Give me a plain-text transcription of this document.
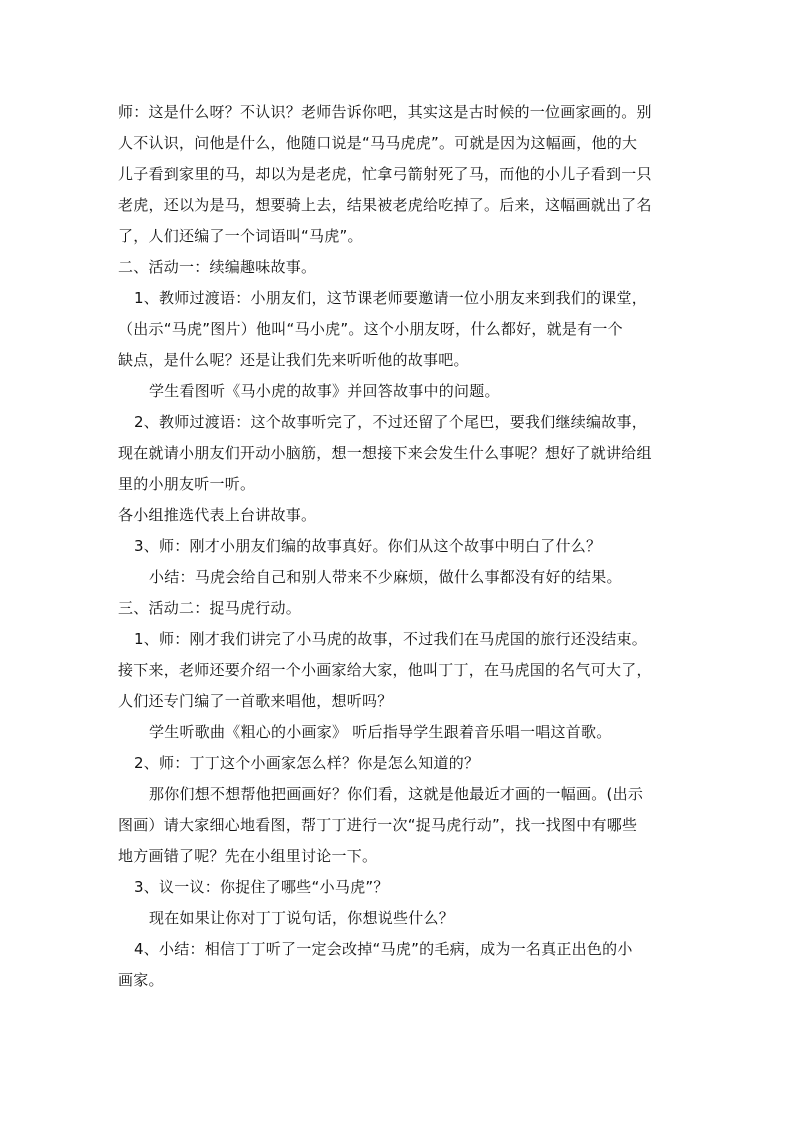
师：这是什么呀？不认识？老师告诉你吧，其实这是古时候的一位画家画的。别
人不认识，问他是什么，他随口说是“马马虎虎”。可就是因为这幅画，他的大
儿子看到家里的马，却以为是老虎，忙拿弓箭射死了马，而他的小儿子看到一只
老虎，还以为是马，想要骑上去，结果被老虎给吃掉了。后来，这幅画就出了名
了，人们还编了一个词语叫“马虎”。
二、活动一：续编趣味故事。
1、教师过渡语：小朋友们，这节课老师要邀请一位小朋友来到我们的课堂，
（出示“马虎”图片）他叫“马小虎”。这个小朋友呀，什么都好，就是有一个
缺点，是什么呢？还是让我们先来听听他的故事吧。
学生看图听《马小虎的故事》并回答故事中的问题。
2、教师过渡语：这个故事听完了，不过还留了个尾巴，要我们继续编故事，
现在就请小朋友们开动小脑筋，想一想接下来会发生什么事呢？想好了就讲给组
里的小朋友听一听。
各小组推选代表上台讲故事。
3、师：刚才小朋友们编的故事真好。你们从这个故事中明白了什么？
小结：马虎会给自己和别人带来不少麻烦，做什么事都没有好的结果。
三、活动二：捉马虎行动。
1、师：刚才我们讲完了小马虎的故事，不过我们在马虎国的旅行还没结束。
接下来，老师还要介绍一个小画家给大家，他叫丁丁，在马虎国的名气可大了，
人们还专门编了一首歌来唱他，想听吗？
学生听歌曲《粗心的小画家》 听后指导学生跟着音乐唱一唱这首歌。
2、师：丁丁这个小画家怎么样？你是怎么知道的？
那你们想不想帮他把画画好？你们看，这就是他最近才画的一幅画。(出示
图画）请大家细心地看图，帮丁丁进行一次“捉马虎行动”，找一找图中有哪些
地方画错了呢？先在小组里讨论一下。
3、议一议：你捉住了哪些“小马虎”？
现在如果让你对丁丁说句话，你想说些什么？
4、小结：相信丁丁听了一定会改掉“马虎”的毛病，成为一名真正出色的小
画家。
